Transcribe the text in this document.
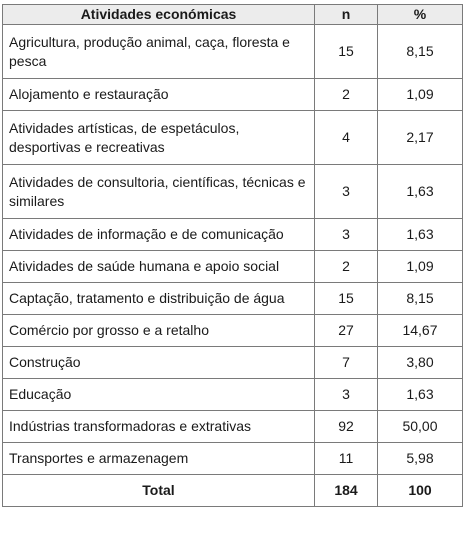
Atividades económicas	n	%
Agricultura, produção animal, caça, floresta e pesca	15	8,15
Alojamento e restauração	2	1,09
Atividades artísticas, de espetáculos, desportivas e recreativas	4	2,17
Atividades de consultoria, científicas, técnicas e similares	3	1,63
Atividades de informação e de comunicação	3	1,63
Atividades de saúde humana e apoio social	2	1,09
Captação, tratamento e distribuição de água	15	8,15
Comércio por grosso e a retalho	27	14,67
Construção	7	3,80
Educação	3	1,63
Indústrias transformadoras e extrativas	92	50,00
Transportes e armazenagem	11	5,98
Total	184	100
